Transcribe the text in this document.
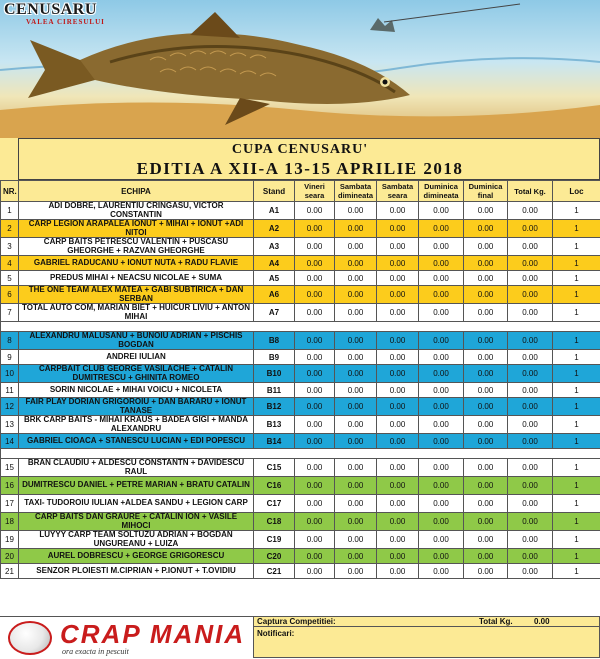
CENUSARU
VALEA CIRESULUI
CUPA CENUSARU'
EDITIA A XII-A 13-15 APRILIE 2018
NR.	ECHIPA	Stand	Vineri seara	Sambata dimineata	Sambata seara	Duminica dimineata	Duminica final	Total Kg.	Loc
1	ADI DOBRE, LAURENTIU CRINGASU, VICTOR CONSTANTIN	A1	0.00	0.00	0.00	0.00	0.00	0.00	1
2	CARP LEGION ARAPALEA IONUT + MIHAI + IONUT +ADI NITOI	A2	0.00	0.00	0.00	0.00	0.00	0.00	1
3	CARP BAITS PETRESCU VALENTIN + PUSCASU GHEORGHE + RAZVAN GHEORGHE	A3	0.00	0.00	0.00	0.00	0.00	0.00	1
4	GABRIEL RADUCANU + IONUT NUTA + RADU FLAVIE	A4	0.00	0.00	0.00	0.00	0.00	0.00	1
5	PREDUS MIHAI + NEACSU NICOLAE + SUMA	A5	0.00	0.00	0.00	0.00	0.00	0.00	1
6	THE ONE TEAM ALEX MATEA + GABI SUBTIRICA + DAN SERBAN	A6	0.00	0.00	0.00	0.00	0.00	0.00	1
7	TOTAL AUTO COM, MARIAN BIET + HUICUR LIVIU + ANTON MIHAI	A7	0.00	0.00	0.00	0.00	0.00	0.00	1

8	ALEXANDRU MALUSANU + BUNOIU ADRIAN + PISCHIS BOGDAN	B8	0.00	0.00	0.00	0.00	0.00	0.00	1
9	ANDREI IULIAN	B9	0.00	0.00	0.00	0.00	0.00	0.00	1
10	CARPBAIT CLUB GEORGE VASILACHE + CATALIN DUMITRESCU + GHINITA ROMEO	B10	0.00	0.00	0.00	0.00	0.00	0.00	1
11	SORIN NICOLAE + MIHAI VOICU + NICOLETA	B11	0.00	0.00	0.00	0.00	0.00	0.00	1
12	FAIR PLAY DORIAN GRIGOROIU + DAN BARARU + IONUT TANASE	B12	0.00	0.00	0.00	0.00	0.00	0.00	1
13	BRK CARP BAITS - MIHAI KRAUS + BADEA GIGI + MANDA ALEXANDRU	B13	0.00	0.00	0.00	0.00	0.00	0.00	1
14	GABRIEL CIOACA + STANESCU LUCIAN + EDI POPESCU	B14	0.00	0.00	0.00	0.00	0.00	0.00	1

15	BRAN CLAUDIU + ALDESCU CONSTANTN + DAVIDESCU RAUL	C15	0.00	0.00	0.00	0.00	0.00	0.00	1
16	DUMITRESCU DANIEL + PETRE MARIAN + BRATU CATALIN	C16	0.00	0.00	0.00	0.00	0.00	0.00	1
17	TAXI- TUDOROIU IULIAN +ALDEA SANDU + LEGION CARP	C17	0.00	0.00	0.00	0.00	0.00	0.00	1
18	CARP BAITS DAN GRAURE + CATALIN ION + VASILE MIHOCI	C18	0.00	0.00	0.00	0.00	0.00	0.00	1
19	LUYYY CARP TEAM SOLTUZU ADRIAN + BOGDAN UNGUREANU + LUIZA	C19	0.00	0.00	0.00	0.00	0.00	0.00	1
20	AUREL DOBRESCU + GEORGE GRIGORESCU	C20	0.00	0.00	0.00	0.00	0.00	0.00	1
21	SENZOR PLOIESTI M.CIPRIAN + P.IONUT + T.OVIDIU	C21	0.00	0.00	0.00	0.00	0.00	0.00	1
CRAP MANIA
ora exacta in pescuit
Captura Competitiei:	Total Kg.	0.00
Notificari:
